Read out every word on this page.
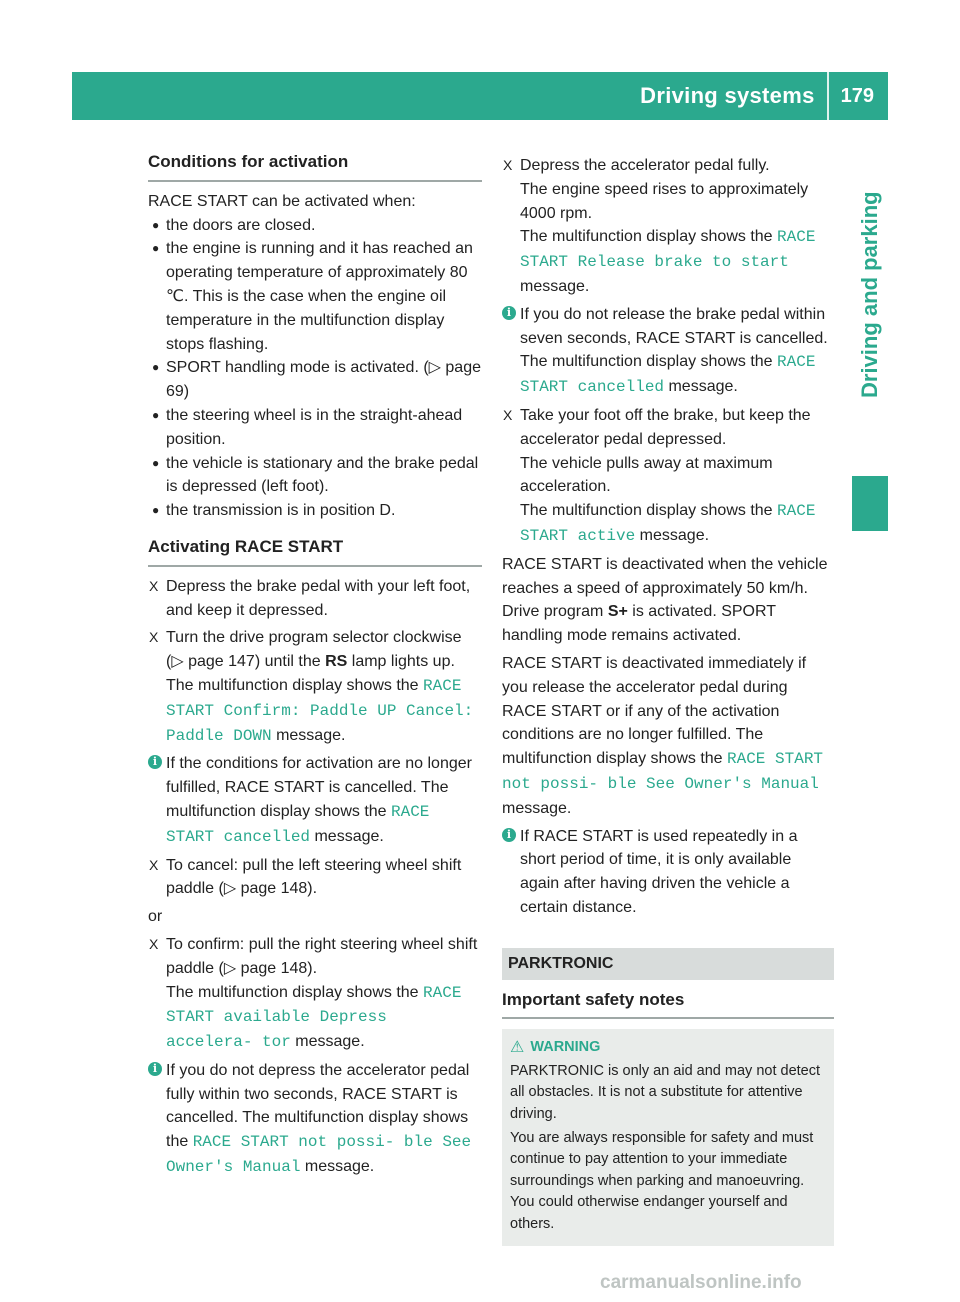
Driving systems	179
Driving and parking
Conditions for activation

RACE START can be activated when:

● the doors are closed.
● the engine is running and it has reached an operating temperature of approximately 80 ℃. This is the case when the engine oil temperature in the multifunction display stops flashing.
● SPORT handling mode is activated. (▷ page 69)
● the steering wheel is in the straight-ahead position.
● the vehicle is stationary and the brake pedal is depressed (left foot).
● the transmission is in position D.
Activating RACE START
X Depress the brake pedal with your left foot, and keep it depressed.
X Turn the drive program selector clockwise (▷ page 147) until the RS lamp lights up.
The multifunction display shows the RACE START Confirm: Paddle UP Cancel: Paddle DOWN message.
i If the conditions for activation are no longer fulfilled, RACE START is cancelled. The multifunction display shows the RACE START cancelled message.
X To cancel: pull the left steering wheel shift paddle (▷ page 148).

or

X To confirm: pull the right steering wheel shift paddle (▷ page 148).
The multifunction display shows the RACE START available Depress accelera‐ tor message.
i If you do not depress the accelerator pedal fully within two seconds, RACE START is cancelled. The multifunction display shows the RACE START not possi‐ ble See Owner's Manual message.
X Depress the accelerator pedal fully.
The engine speed rises to approximately 4000 rpm.
The multifunction display shows the RACE START Release brake to start message.
i If you do not release the brake pedal within seven seconds, RACE START is cancelled. The multifunction display shows the RACE START cancelled message.
X Take your foot off the brake, but keep the accelerator pedal depressed.
The vehicle pulls away at maximum acceleration.
The multifunction display shows the RACE START active message.

RACE START is deactivated when the vehicle reaches a speed of approximately 50 km/h. Drive program S+ is activated. SPORT handling mode remains activated.

RACE START is deactivated immediately if you release the accelerator pedal during RACE START or if any of the activation conditions are no longer fulfilled. The multifunction display shows the RACE START not possi‐ ble See Owner's Manual message.

i If RACE START is used repeatedly in a short period of time, it is only available again after having driven the vehicle a certain distance.
PARKTRONIC
Important safety notes
⚠ WARNING

PARKTRONIC is only an aid and may not detect all obstacles. It is not a substitute for attentive driving.

You are always responsible for safety and must continue to pay attention to your immediate surroundings when parking and manoeuvring. You could otherwise endanger yourself and others.

carmanualsonline.info
